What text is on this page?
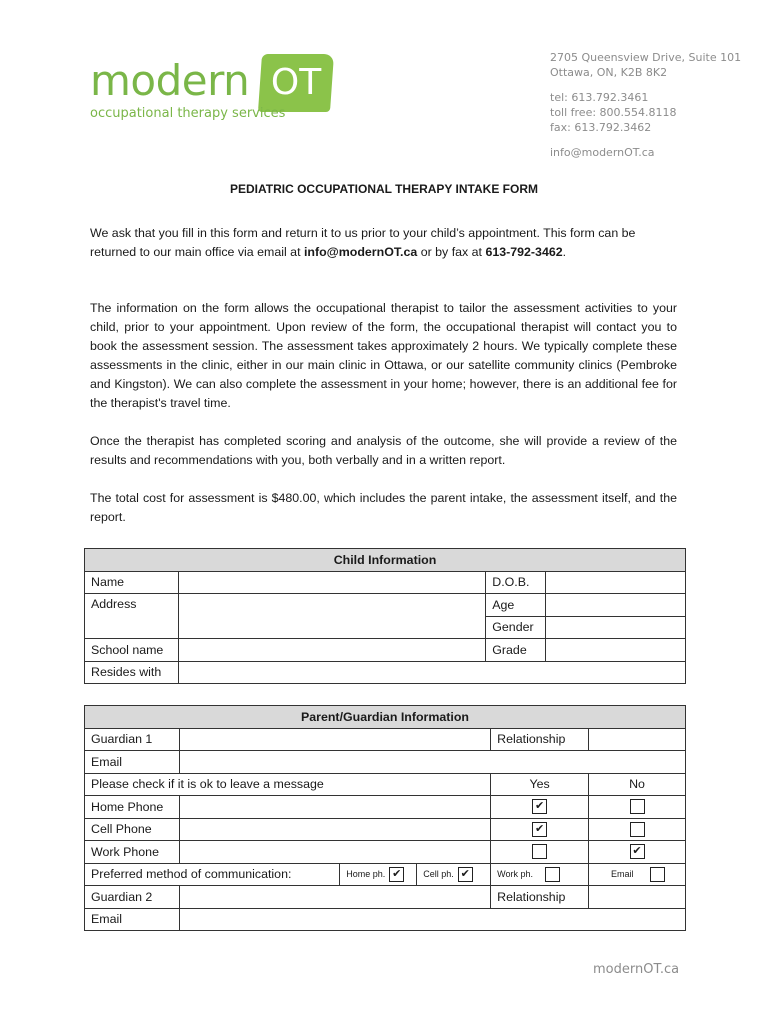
modern OT
occupational therapy services
2705 Queensview Drive, Suite 101
Ottawa, ON, K2B 8K2
tel: 613.792.3461
toll free: 800.554.8118
fax: 613.792.3462
info@modernOT.ca
PEDIATRIC OCCUPATIONAL THERAPY INTAKE FORM
We ask that you fill in this form and return it to us prior to your child’s appointment. This form can be returned to our main office via email at info@modernOT.ca or by fax at 613-792-3462.
The information on the form allows the occupational therapist to tailor the assessment activities to your child, prior to your appointment. Upon review of the form, the occupational therapist will contact you to book the assessment session. The assessment takes approximately 2 hours. We typically complete these assessments in the clinic, either in our main clinic in Ottawa, or our satellite community clinics (Pembroke and Kingston). We can also complete the assessment in your home; however, there is an additional fee for the therapist's travel time.
Once the therapist has completed scoring and analysis of the outcome, she will provide a review of the results and recommendations with you, both verbally and in a written report.
The total cost for assessment is $480.00, which includes the parent intake, the assessment itself, and the report.
Child Information			
Name		D.O.B.	
Address		Age	
		Gender	
School name		Grade	
Resides with			
Parent/Guardian Information					
Guardian 1				Relationship	
Email					
Please check if it is ok to leave a message				Yes	No
Home Phone				✔	
Cell Phone				✔	
Work Phone					✔
Preferred method of communication:		Home ph. ✔	Cell ph. ✔	Work ph.	Email
Guardian 2				Relationship	
Email					
modernOT.ca
